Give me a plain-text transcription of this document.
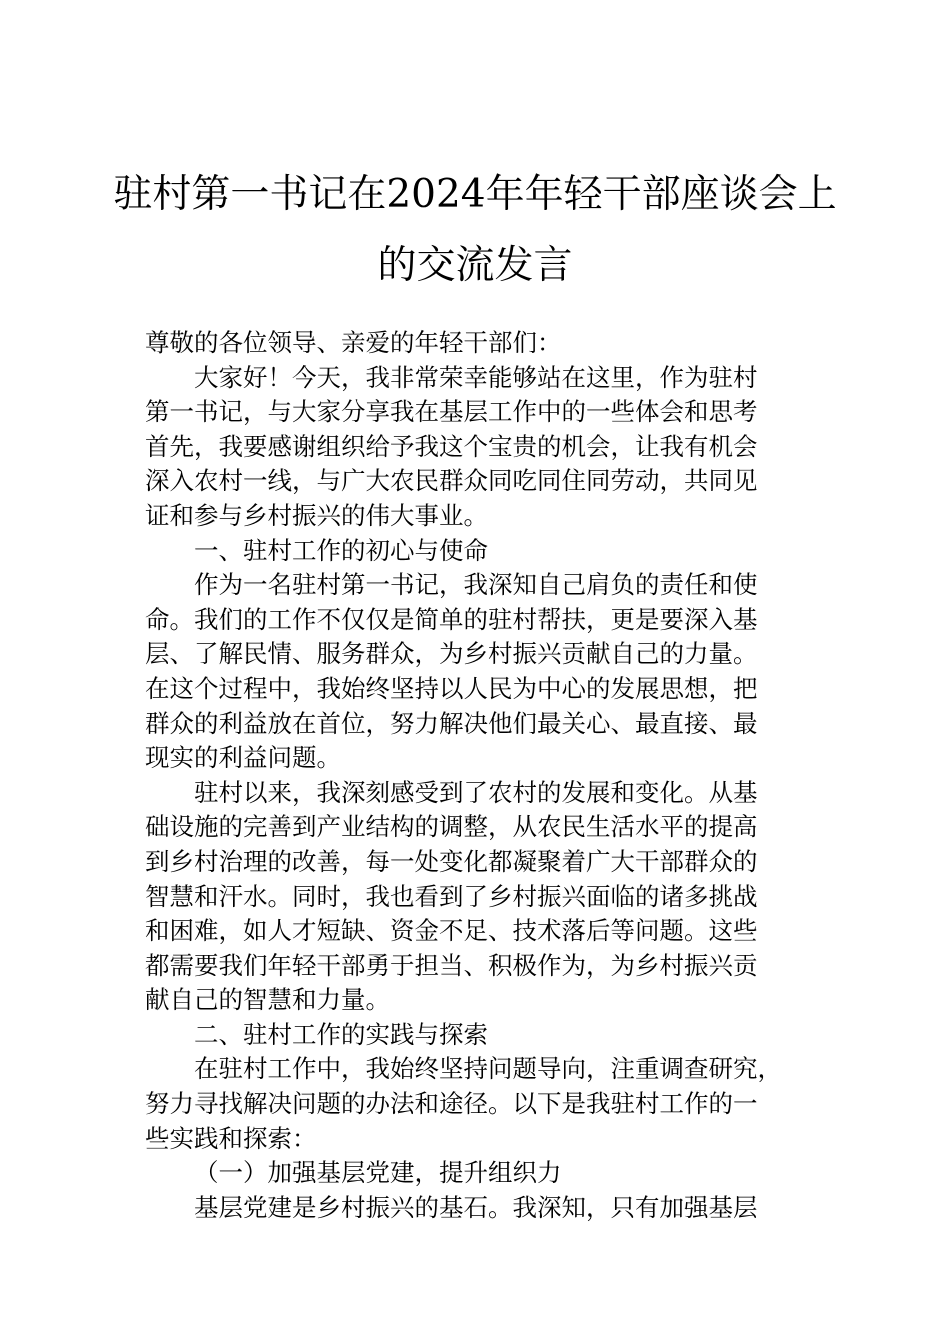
驻村第一书记在2024年年轻干部座谈会上
的交流发言
尊敬的各位领导、亲爱的年轻干部们：
大家好！今天，我非常荣幸能够站在这里，作为驻村
第一书记，与大家分享我在基层工作中的一些体会和思考
首先，我要感谢组织给予我这个宝贵的机会，让我有机会
深入农村一线，与广大农民群众同吃同住同劳动，共同见
证和参与乡村振兴的伟大事业。
一、驻村工作的初心与使命
作为一名驻村第一书记，我深知自己肩负的责任和使
命。我们的工作不仅仅是简单的驻村帮扶，更是要深入基
层、了解民情、服务群众，为乡村振兴贡献自己的力量。
在这个过程中，我始终坚持以人民为中心的发展思想，把
群众的利益放在首位，努力解决他们最关心、最直接、最
现实的利益问题。
驻村以来，我深刻感受到了农村的发展和变化。从基
础设施的完善到产业结构的调整，从农民生活水平的提高
到乡村治理的改善，每一处变化都凝聚着广大干部群众的
智慧和汗水。同时，我也看到了乡村振兴面临的诸多挑战
和困难，如人才短缺、资金不足、技术落后等问题。这些
都需要我们年轻干部勇于担当、积极作为，为乡村振兴贡
献自己的智慧和力量。
二、驻村工作的实践与探索
在驻村工作中，我始终坚持问题导向，注重调查研究，
努力寻找解决问题的办法和途径。以下是我驻村工作的一
些实践和探索：
（一）加强基层党建，提升组织力
基层党建是乡村振兴的基石。我深知，只有加强基层
